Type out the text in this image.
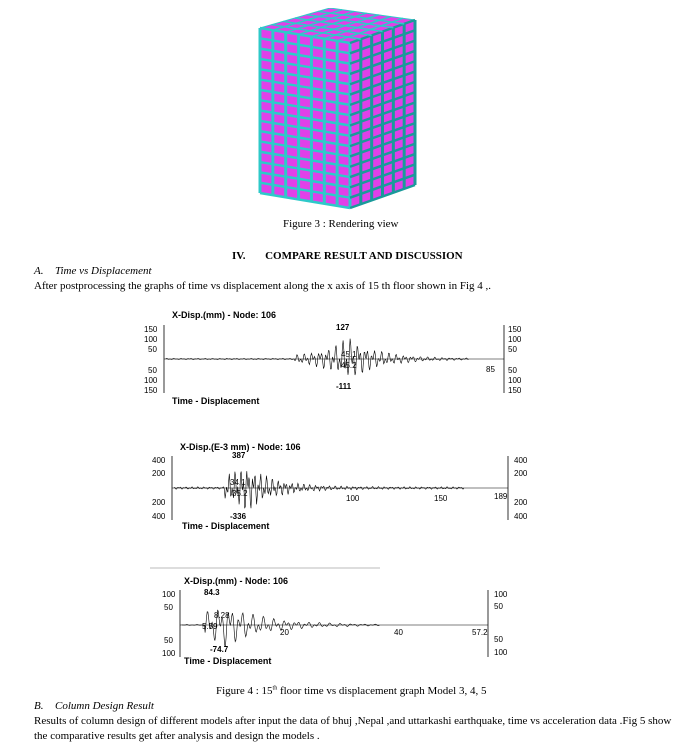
Figure 3 : Rendering view
IV. COMPARE RESULT AND DISCUSSION
A. Time vs Displacement
After postprocessing the graphs of time vs displacement along the x axis of 15 th floor shown in Fig 4 ,.
X-Disp.(mm) - Node: 106
150
100
50
50
100
150
150
100
50
50
100
150
127
45.1
45.2
-111
85
Time - Displacement
X-Disp.(E-3 mm) - Node: 106
400
200
200
400
400
200
200
400
387
34.1
35.2
-336
100	150	189
Time - Displacement
X-Disp.(mm) - Node: 106
100
50
50
100
100
50
50
100
84.3
8.28
5.59
-74.7
20	40	57.2
Time - Displacement
Figure 4 : 15th floor time vs displacement graph Model 3, 4, 5
B. Column Design Result
Results of column design of different models after input the data of bhuj ,Nepal ,and uttarkashi earthquake, time vs acceleration data .Fig 5 show the comparative results get after analysis and design the models .
